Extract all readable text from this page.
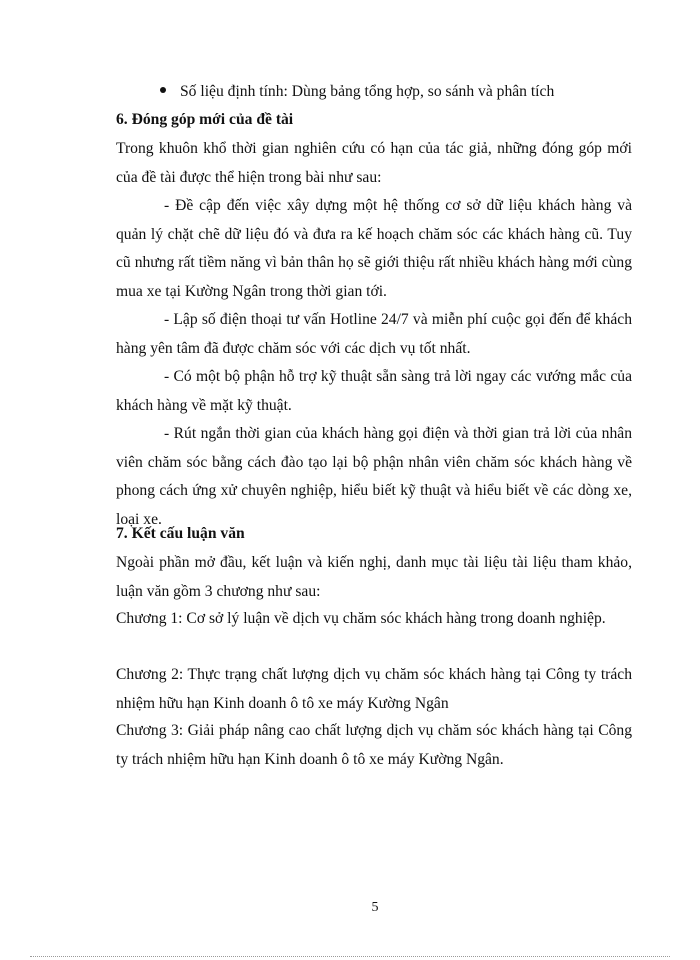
Số liệu định tính: Dùng bảng tổng hợp, so sánh và phân tích
6. Đóng góp mới của đề tài

Trong khuôn khổ thời gian nghiên cứu có hạn của tác giả, những đóng góp mới của đề tài được thể hiện trong bài như sau:

- Đề cập đến việc xây dựng một hệ thống cơ sở dữ liệu khách hàng và quản lý chặt chẽ dữ liệu đó và đưa ra kế hoạch chăm sóc các khách hàng cũ. Tuy cũ nhưng rất tiềm năng vì bản thân họ sẽ giới thiệu rất nhiều khách hàng mới cùng mua xe tại Kường Ngân trong thời gian tới.

- Lập số điện thoại tư vấn Hotline 24/7 và miễn phí cuộc gọi đến để khách hàng yên tâm đã được chăm sóc với các dịch vụ tốt nhất.

- Có một bộ phận hỗ trợ kỹ thuật sẵn sàng trả lời ngay các vướng mắc của khách hàng về mặt kỹ thuật.

- Rút ngắn thời gian của khách hàng gọi điện và thời gian trả lời của nhân viên chăm sóc bằng cách đào tạo lại bộ phận nhân viên chăm sóc khách hàng về phong cách ứng xử chuyên nghiệp, hiểu biết kỹ thuật và hiểu biết về các dòng xe, loại xe.

7. Kết cấu luận văn

Ngoài phần mở đầu, kết luận và kiến nghị, danh mục tài liệu tài liệu tham khảo, luận văn gồm 3 chương như sau:

Chương 1: Cơ sở lý luận về dịch vụ chăm sóc khách hàng trong doanh nghiệp.

Chương 2: Thực trạng chất lượng dịch vụ chăm sóc khách hàng tại Công ty trách nhiệm hữu hạn Kinh doanh ô tô xe máy Kường Ngân

Chương 3: Giải pháp nâng cao chất lượng dịch vụ chăm sóc khách hàng tại Công ty trách nhiệm hữu hạn Kinh doanh ô tô xe máy Kường Ngân.

5
